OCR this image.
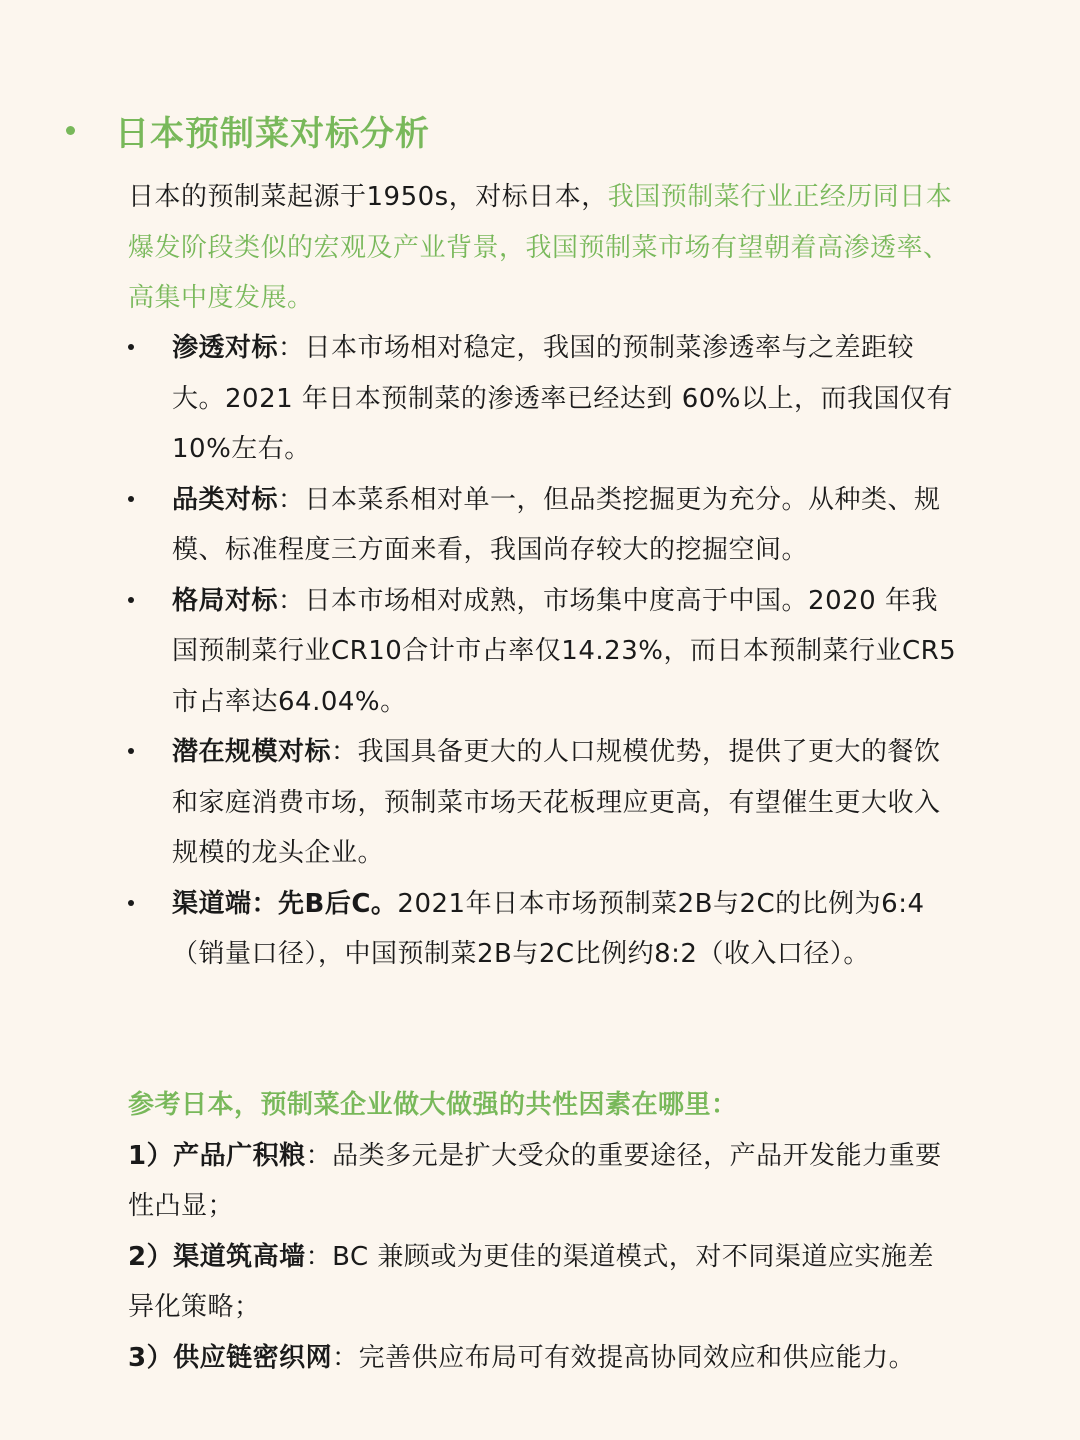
日本预制菜对标分析
日本的预制菜起源于1950s，对标日本，我国预制菜行业正经历同日本爆发阶段类似的宏观及产业背景，我国预制菜市场有望朝着高渗透率、高集中度发展。
渗透对标：日本市场相对稳定，我国的预制菜渗透率与之差距较大。2021 年日本预制菜的渗透率已经达到 60%以上，而我国仅有10%左右。
品类对标：日本菜系相对单一，但品类挖掘更为充分。从种类、规模、标准程度三方面来看，我国尚存较大的挖掘空间。
格局对标：日本市场相对成熟，市场集中度高于中国。2020 年我国预制菜行业CR10合计市占率仅14.23%，而日本预制菜行业CR5市占率达64.04%。
潜在规模对标：我国具备更大的人口规模优势，提供了更大的餐饮和家庭消费市场，预制菜市场天花板理应更高，有望催生更大收入规模的龙头企业。
渠道端：先B后C。2021年日本市场预制菜2B与2C的比例为6:4（销量口径），中国预制菜2B与2C比例约8:2（收入口径）。
参考日本，预制菜企业做大做强的共性因素在哪里：
1）产品广积粮：品类多元是扩大受众的重要途径，产品开发能力重要性凸显；
2）渠道筑高墙：BC 兼顾或为更佳的渠道模式，对不同渠道应实施差异化策略；
3）供应链密织网：完善供应布局可有效提高协同效应和供应能力。
